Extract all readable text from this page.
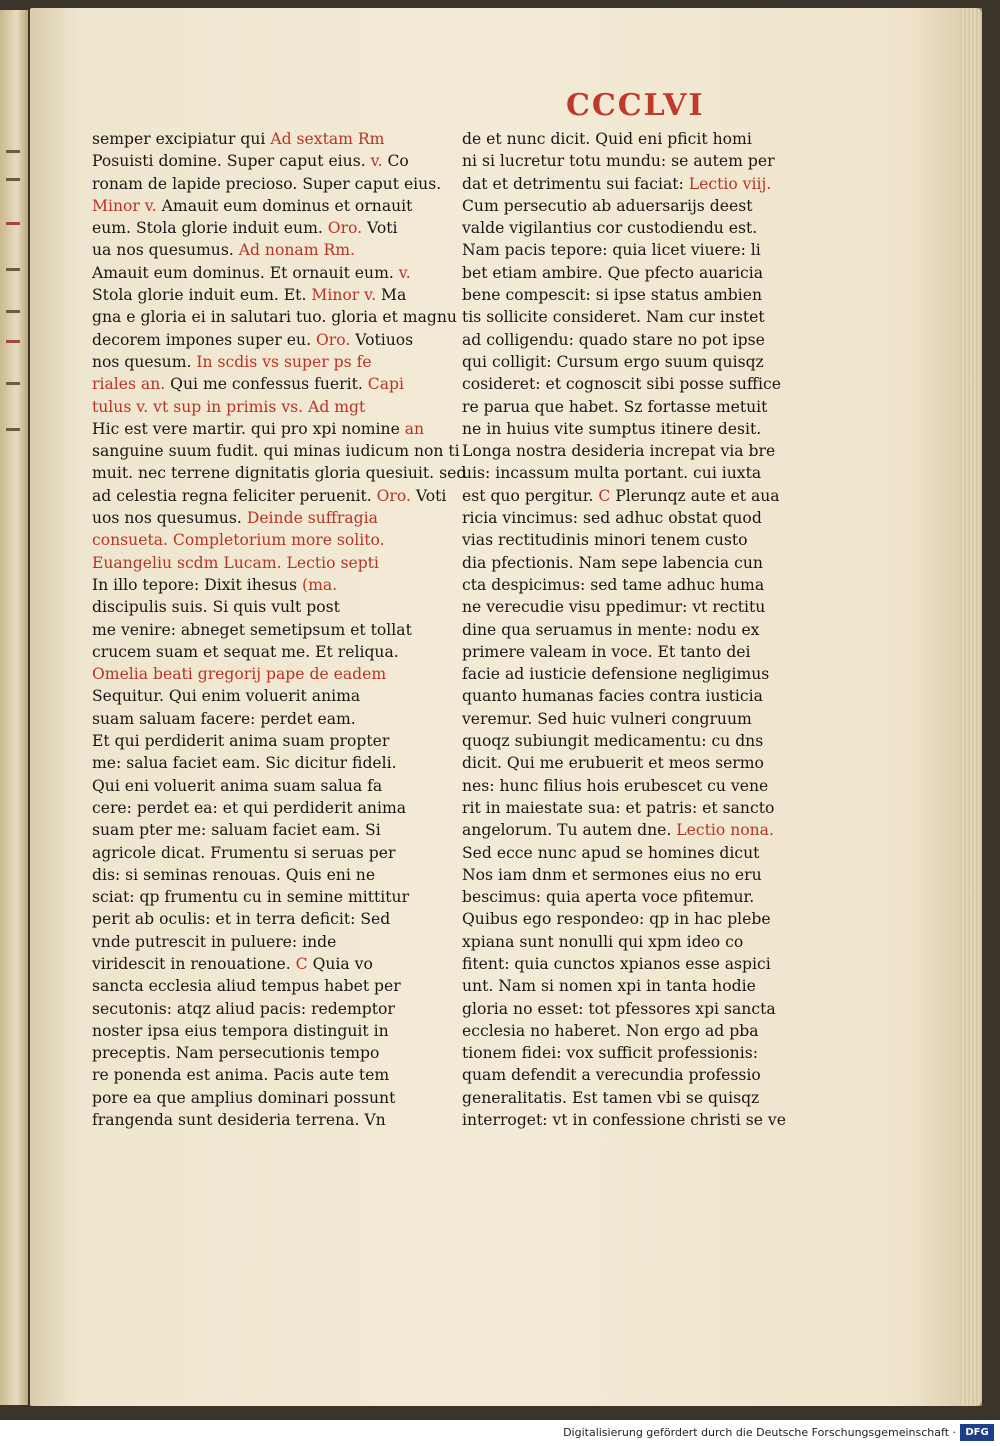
CCCLVI
semper excipiatur qui Ad sextam Rm
Posuisti domine. Super caput eius. v. Co
ronam de lapide precioso. Super caput eius.
Minor v. Amauit eum dominus et ornauit
eum. Stola glorie induit eum. Oro. Voti
ua nos quesumus. Ad nonam Rm.
Amauit eum dominus. Et ornauit eum. v.
Stola glorie induit eum. Et. Minor v. Ma
gna e gloria ei in salutari tuo. gloria et magnu
decorem impones super eu. Oro. Votiuos
nos quesum. In scdis vs super ps fe
riales an. Qui me confessus fuerit. Capi
tulus v. vt sup in primis vs. Ad mgt
Hic est vere martir. qui pro xpi nomine an
sanguine suum fudit. qui minas iudicum non ti
muit. nec terrene dignitatis gloria quesiuit. sed
ad celestia regna feliciter peruenit. Oro. Voti
uos nos quesumus. Deinde suffragia
consueta. Completorium more solito.
Euangeliu scdm Lucam. Lectio septi
In illo tepore: Dixit ihesus (ma.
discipulis suis. Si quis vult post
me venire: abneget semetipsum et tollat
crucem suam et sequat me. Et reliqua.
Omelia beati gregorij pape de eadem
Sequitur. Qui enim voluerit anima
suam saluam facere: perdet eam.
Et qui perdiderit anima suam propter
me: salua faciet eam. Sic dicitur fideli.
Qui eni voluerit anima suam salua fa
cere: perdet ea: et qui perdiderit anima
suam pter me: saluam faciet eam. Si
agricole dicat. Frumentu si seruas per
dis: si seminas renouas. Quis eni ne
sciat: qp frumentu cu in semine mittitur
perit ab oculis: et in terra deficit: Sed
vnde putrescit in puluere: inde
viridescit in renouatione. C Quia vo
sancta ecclesia aliud tempus habet per
secutonis: atqz aliud pacis: redemptor
noster ipsa eius tempora distinguit in
preceptis. Nam persecutionis tempo
re ponenda est anima. Pacis aute tem
pore ea que amplius dominari possunt
frangenda sunt desideria terrena. Vn
de et nunc dicit. Quid eni pficit homi
ni si lucretur totu mundu: se autem per
dat et detrimentu sui faciat: Lectio viij.
Cum persecutio ab aduersarijs deest
valde vigilantius cor custodiendu est.
Nam pacis tepore: quia licet viuere: li
bet etiam ambire. Que pfecto auaricia
bene compescit: si ipse status ambien
tis sollicite consideret. Nam cur instet
ad colligendu: quado stare no pot ipse
qui colligit: Cursum ergo suum quisqz
cosideret: et cognoscit sibi posse suffice
re parua que habet. Sz fortasse metuit
ne in huius vite sumptus itinere desit.
Longa nostra desideria increpat via bre
uis: incassum multa portant. cui iuxta
est quo pergitur. C Plerunqz aute et aua
ricia vincimus: sed adhuc obstat quod
vias rectitudinis minori tenem custo
dia pfectionis. Nam sepe labencia cun
cta despicimus: sed tame adhuc huma
ne verecudie visu ppedimur: vt rectitu
dine qua seruamus in mente: nodu ex
primere valeam in voce. Et tanto dei
facie ad iusticie defensione negligimus
quanto humanas facies contra iusticia
veremur. Sed huic vulneri congruum
quoqz subiungit medicamentu: cu dns
dicit. Qui me erubuerit et meos sermo
nes: hunc filius hois erubescet cu vene
rit in maiestate sua: et patris: et sancto
angelorum. Tu autem dne. Lectio nona.
Sed ecce nunc apud se homines dicut
Nos iam dnm et sermones eius no eru
bescimus: quia aperta voce pfitemur.
Quibus ego respondeo: qp in hac plebe
xpiana sunt nonulli qui xpm ideo co
fitent: quia cunctos xpianos esse aspici
unt. Nam si nomen xpi in tanta hodie
gloria no esset: tot pfessores xpi sancta
ecclesia no haberet. Non ergo ad pba
tionem fidei: vox sufficit professionis:
quam defendit a verecundia professio
generalitatis. Est tamen vbi se quisqz
interroget: vt in confessione christi se ve
Digitalisierung gefördert durch die Deutsche Forschungsgemeinschaft · DFG
